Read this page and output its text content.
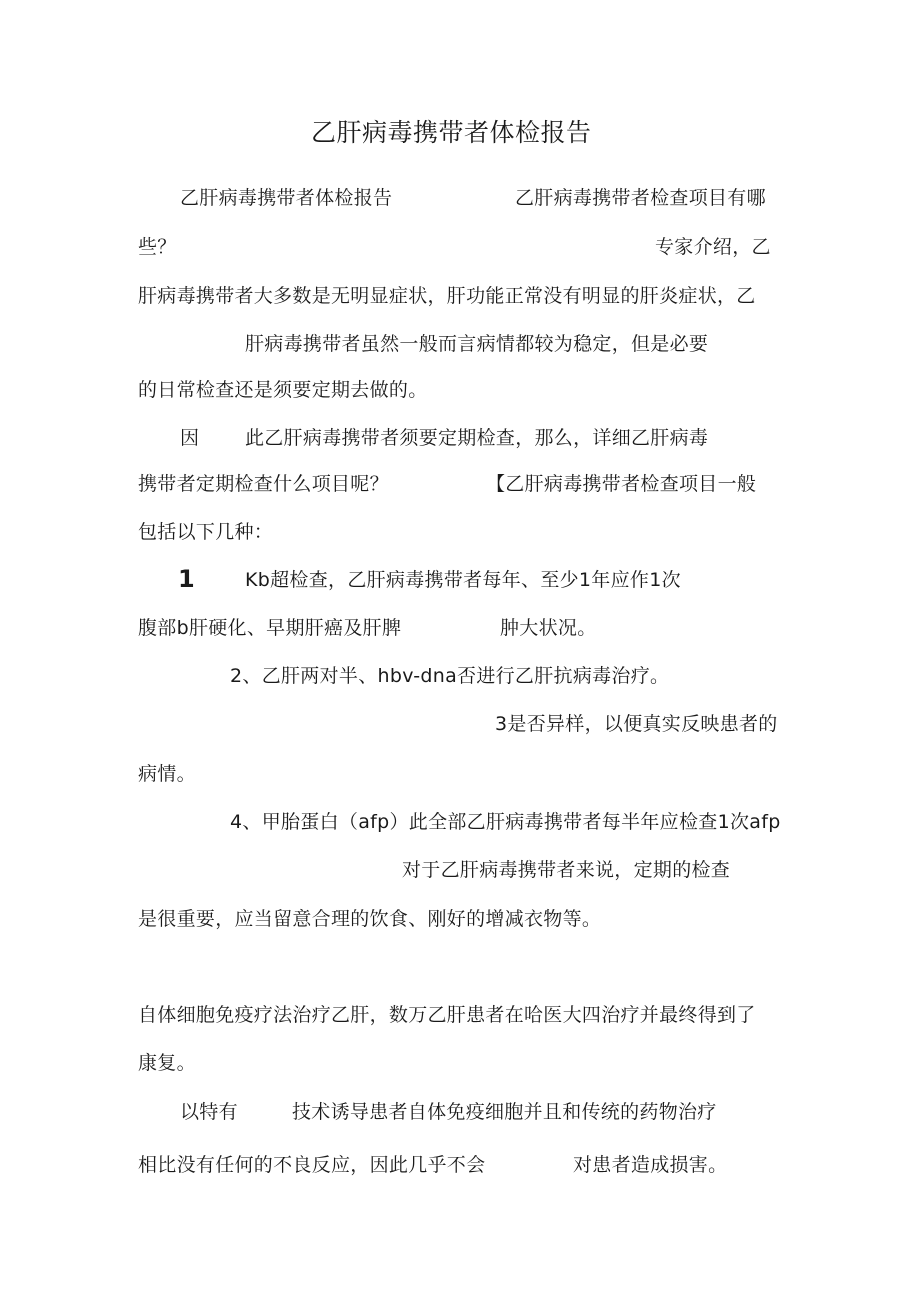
乙肝病毒携带者体检报告
乙肝病毒携带者体检报告	乙肝病毒携带者检查项目有哪
些？	专家介绍，乙
肝病毒携带者大多数是无明显症状，肝功能正常没有明显的肝炎症状，乙
肝病毒携带者虽然一般而言病情都较为稳定，但是必要
的日常检查还是须要定期去做的。
因 此乙肝病毒携带者须要定期检查，那么，详细乙肝病毒
携带者定期检查什么项目呢？	【乙肝病毒携带者检查项目一般
包括以下几种：
1	Kb超检查，乙肝病毒携带者每年、至少1年应作1次
腹部b肝硬化、早期肝癌及肝脾	肿大状况。
2、乙肝两对半、hbv-dna否进行乙肝抗病毒治疗。
3是否异样，以便真实反映患者的
病情。
4、甲胎蛋白（afp）此全部乙肝病毒携带者每半年应检查1次afp
对于乙肝病毒携带者来说，定期的检查
是很重要，应当留意合理的饮食、刚好的增减衣物等。
自体细胞免疫疗法治疗乙肝，数万乙肝患者在哈医大四治疗并最终得到了
康复。
以特有	技术诱导患者自体免疫细胞并且和传统的药物治疗
相比没有任何的不良反应，因此几乎不会	对患者造成损害。
